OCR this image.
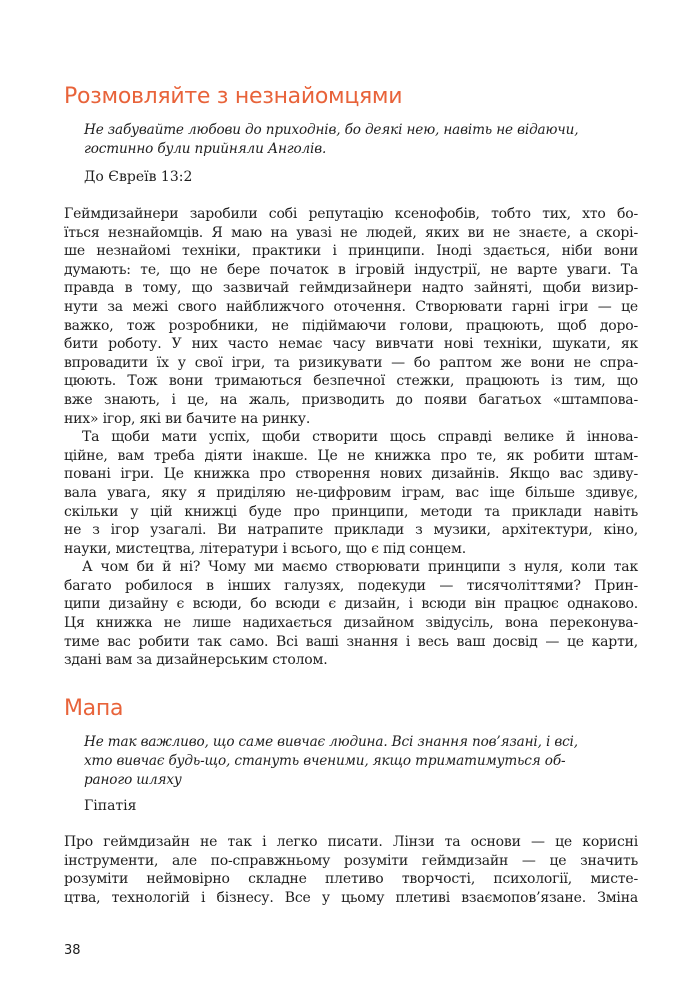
Розмовляйте з незнайомцями
Не забувайте любови до приходнів, бо деякі нею, навіть не відаючи,
гостинно були прийняли Анголів.
До Євреїв 13:2
Геймдизайнери заробили собі репутацію ксенофобів, тобто тих, хто бо-
їться незнайомців. Я маю на увазі не людей, яких ви не знаєте, а скорі-
ше незнайомі техніки, практики і принципи. Іноді здається, ніби вони
думають: те, що не бере початок в ігровій індустрії, не варте уваги. Та
правда в тому, що зазвичай геймдизайнери надто зайняті, щоби визир-
нути за межі свого найближчого оточення. Створювати гарні ігри — це
важко, тож розробники, не підіймаючи голови, працюють, щоб доро-
бити роботу. У них часто немає часу вивчати нові техніки, шукати, як
впровадити їх у свої ігри, та ризикувати — бо раптом же вони не спра-
цюють. Тож вони тримаються безпечної стежки, працюють із тим, що
вже знають, і це, на жаль, призводить до появи багатьох «штампова-
них» ігор, які ви бачите на ринку.
Та щоби мати успіх, щоби створити щось справді велике й іннова-
ційне, вам треба діяти інакше. Це не книжка про те, як робити штам-
повані ігри. Це книжка про створення нових дизайнів. Якщо вас здиву-
вала увага, яку я приділяю не-цифровим іграм, вас іще більше здивує,
скільки у цій книжці буде про принципи, методи та приклади навіть
не з ігор узагалі. Ви натрапите приклади з музики, архітектури, кіно,
науки, мистецтва, літератури і всього, що є під сонцем.
А чом би й ні? Чому ми маємо створювати принципи з нуля, коли так
багато робилося в інших галузях, подекуди — тисячоліттями? Прин-
ципи дизайну є всюди, бо всюди є дизайн, і всюди він працює однаково.
Ця книжка не лише надихається дизайном звідусіль, вона переконува-
тиме вас робити так само. Всі ваші знання і весь ваш досвід — це карти,
здані вам за дизайнерським столом.
Мапа
Не так важливо, що саме вивчає людина. Всі знання пов’язані, і всі,
хто вивчає будь-що, стануть вченими, якщо триматимуться об-
раного шляху
Гіпатія
Про геймдизайн не так і легко писати. Лінзи та основи — це корисні
інструменти, але по-справжньому розуміти геймдизайн — це значить
розуміти неймовірно складне плетиво творчості, психології, мисте-
цтва, технологій і бізнесу. Все у цьому плетиві взаємопов’язане. Зміна
38
